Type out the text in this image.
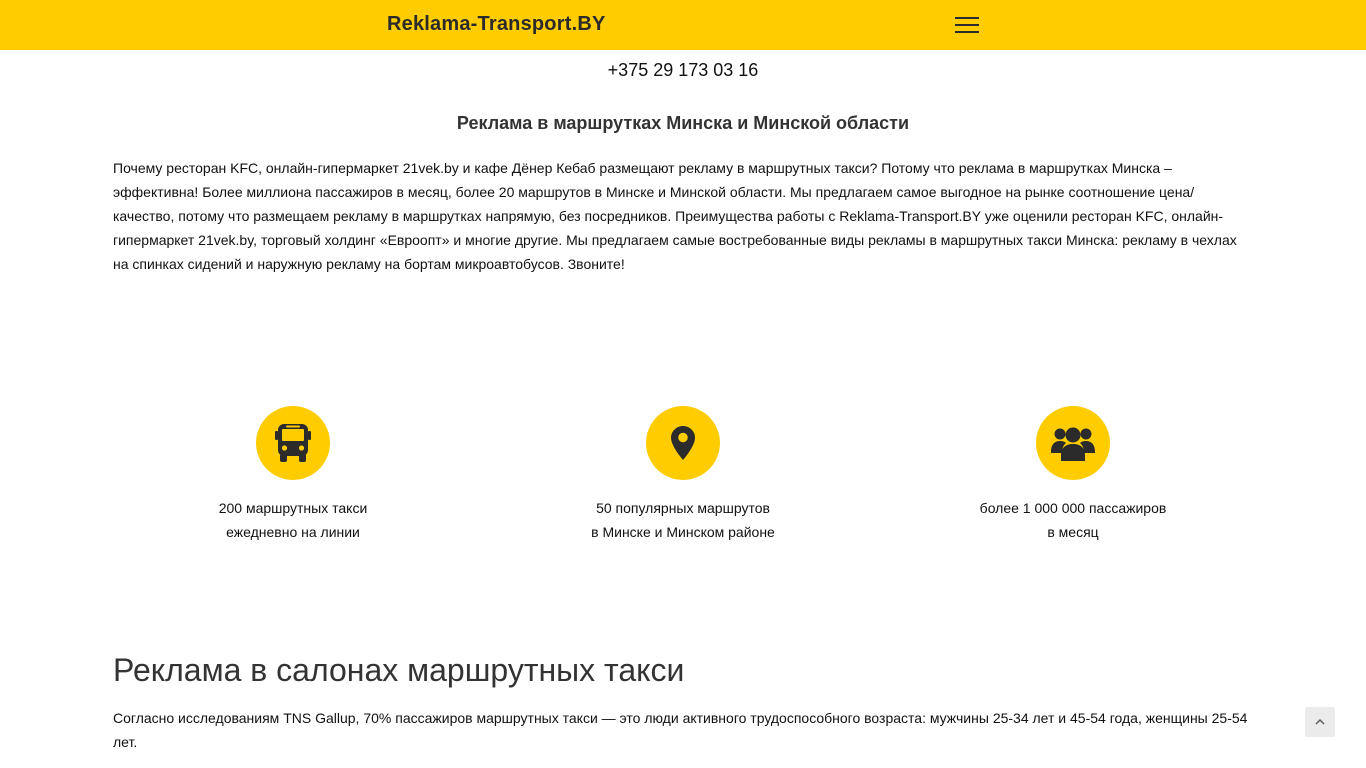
Reklama-Transport.BY
+375 29 173 03 16
Реклама в маршрутках Минска и Минской области

Почему ресторан KFC, онлайн-гипермаркет 21vek.by и кафе Дёнер Кебаб размещают рекламу в маршрутных такси? Потому что реклама в маршрутках Минска – эффективна! Более миллиона пассажиров в месяц, более 20 маршрутов в Минске и Минской области. Мы предлагаем самое выгодное на рынке соотношение цена/качество, потому что размещаем рекламу в маршрутках напрямую, без посредников. Преимущества работы с Reklama-Transport.BY уже оценили ресторан KFC, онлайн-гипермаркет 21vek.by, торговый холдинг «Евроопт» и многие другие. Мы предлагаем самые востребованные виды рекламы в маршрутных такси Минска: рекламу в чехлах на спинках сидений и наружную рекламу на бортам микроавтобусов. Звоните!

200 маршрутных такси
ежедневно на линии
50 популярных маршрутов
в Минске и Минском районе
более 1 000 000 пассажиров
в месяц
Реклама в салонах маршрутных такси

Согласно исследованиям TNS Gallup, 70% пассажиров маршрутных такси — это люди активного трудоспособного возраста: мужчины 25-34 лет и 45-54 года, женщины 25-54 лет.
